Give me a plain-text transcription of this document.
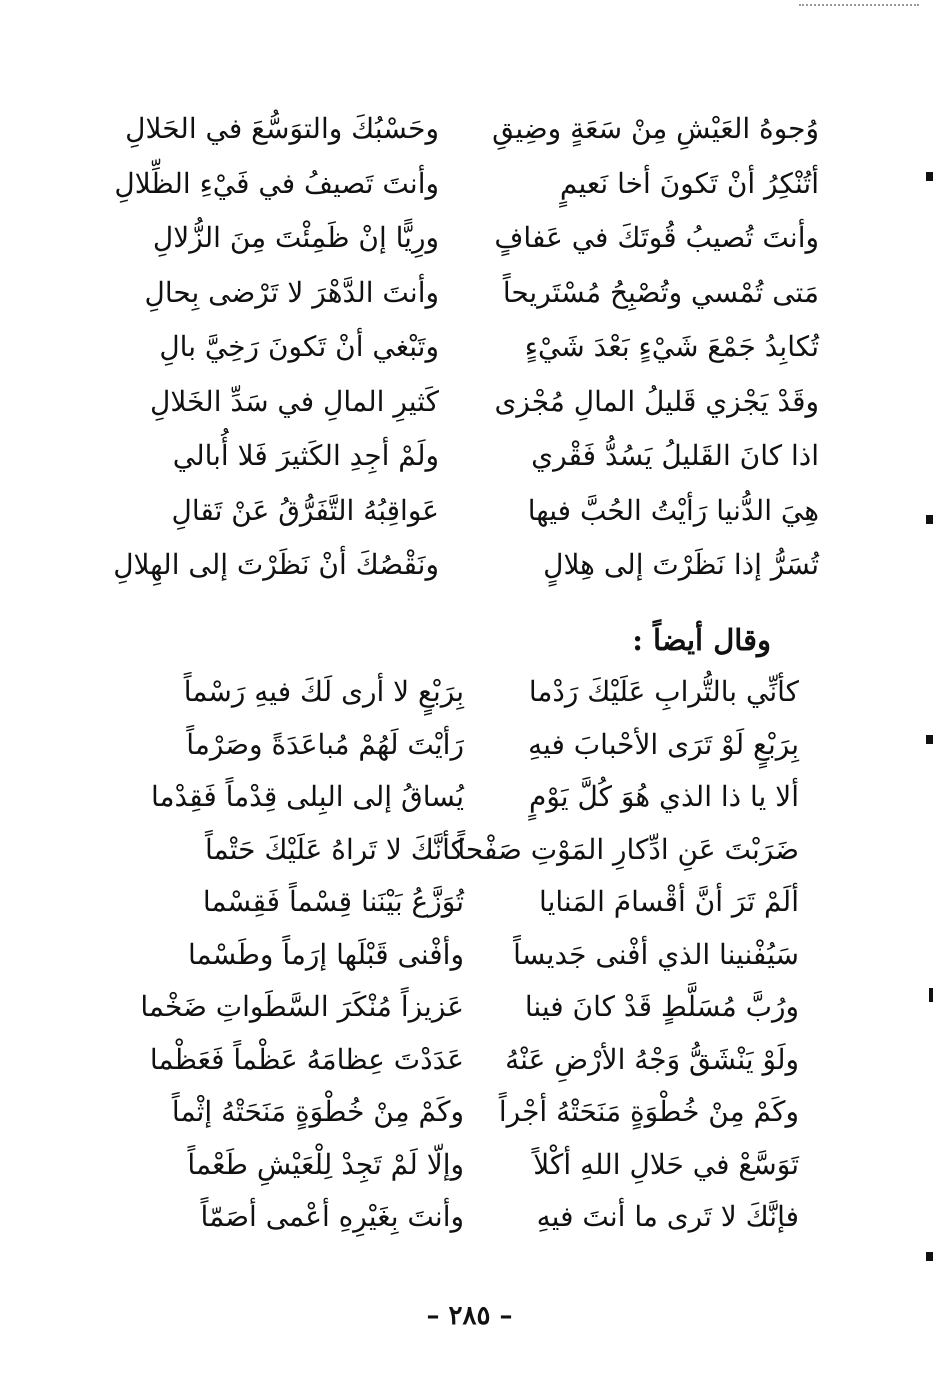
وُجوهُ العَيْشِ مِنْ سَعَةٍ وضِيقِ
وحَسْبُكَ والتوَسُّعَ في الحَلالِ
أتُنْكِرُ أنْ تَكونَ أخا نَعيمٍ
وأنتَ تَصيفُ في فَيْءِ الظِّلالِ
وأنتَ تُصيبُ قُوتَكَ في عَفافٍ
ورِيًّا إنْ ظَمِئْتَ مِنَ الزُّلالِ
مَتى تُمْسي وتُصْبِحُ مُسْتَريحاً
وأنتَ الدَّهْرَ لا تَرْضى بِحالِ
تُكابِدُ جَمْعَ شَيْءٍ بَعْدَ شَيْءٍ
وتَبْغي أنْ تَكونَ رَخِيَّ بالِ
وقَدْ يَجْزي قَليلُ المالِ مُجْزى
كَثيرِ المالِ في سَدِّ الخَلالِ
اذا كانَ القَليلُ يَسُدُّ فَقْري
ولَمْ أجِدِ الكَثيرَ فَلا أُبالي
هِيَ الدُّنيا رَأيْتُ الحُبَّ فيها
عَواقِبُهُ التَّفَرُّقُ عَنْ تَقالِ
تُسَرُّ إذا نَظَرْتَ إلى هِلالٍ
ونَقْصُكَ أنْ نَظَرْتَ إلى الهِلالِ
وقال أيضاً :
كأنِّي بالتُّرابِ عَلَيْكَ رَدْما
بِرَبْعٍ لا أرى لَكَ فيهِ رَسْماً
بِرَبْعٍ لَوْ تَرَى الأحْبابَ فيهِ
رَأيْتَ لَهُمْ مُباعَدَةً وصَرْماً
ألا يا ذا الذي هُوَ كُلَّ يَوْمٍ
يُساقُ إلى البِلى قِدْماً فَقِدْما
ضَرَبْتَ عَنِ ادِّكارِ المَوْتِ صَفْحاً
كأنَّكَ لا تَراهُ عَلَيْكَ حَتْماً
ألَمْ تَرَ أنَّ أقْسامَ المَنايا
تُوَزَّعُ بَيْنَنا قِسْماً فَقِسْما
سَيُفْنينا الذي أفْنى جَديساً
وأفْنى قَبْلَها إرَماً وطَسْما
ورُبَّ مُسَلَّطٍ قَدْ كانَ فينا
عَزيزاً مُنْكَرَ السَّطَواتِ ضَخْما
ولَوْ يَنْشَقُّ وَجْهُ الأرْضِ عَنْهُ
عَدَدْتَ عِظامَهُ عَظْماً فَعَظْما
وكَمْ مِنْ خُطْوَةٍ مَنَحَتْهُ أجْراً
وكَمْ مِنْ خُطْوَةٍ مَنَحَتْهُ إثْماً
تَوَسَّعْ في حَلالِ اللهِ أكْلاً
وإلّا لَمْ تَجِدْ لِلْعَيْشِ طَعْماً
فإنَّكَ لا تَرى ما أنتَ فيهِ
وأنتَ بِغَيْرِهِ أعْمى أصَمّاً
– ٢٨٥ –
